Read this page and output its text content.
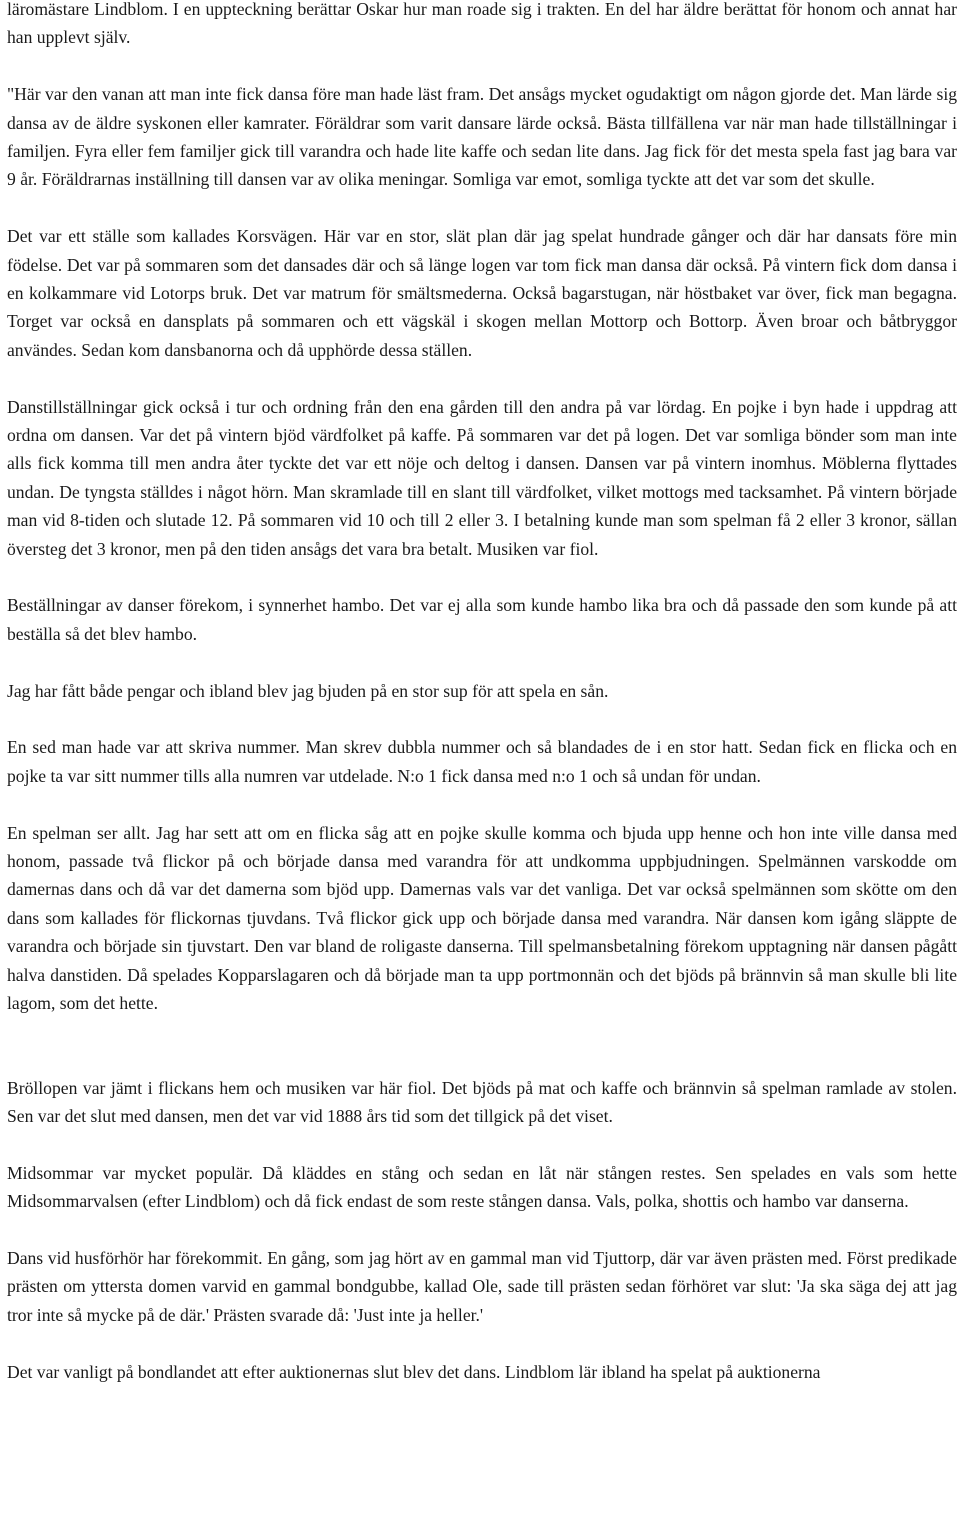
läromästare Lindblom. I en uppteckning berättar Oskar hur man roade sig i trakten. En del har äldre berättat för honom och annat har han upplevt själv.

"Här var den vanan att man inte fick dansa före man hade läst fram. Det ansågs mycket ogudaktigt om någon gjorde det. Man lärde sig dansa av de äldre syskonen eller kamrater. Föräldrar som varit dansare lärde också. Bästa tillfällena var när man hade tillställningar i familjen. Fyra eller fem familjer gick till varandra och hade lite kaffe och sedan lite dans. Jag fick för det mesta spela fast jag bara var 9 år. Föräldrarnas inställning till dansen var av olika meningar. Somliga var emot, somliga tyckte att det var som det skulle.

Det var ett ställe som kallades Korsvägen. Här var en stor, slät plan där jag spelat hundrade gånger och där har dansats före min födelse. Det var på sommaren som det dansades där och så länge logen var tom fick man dansa där också. På vintern fick dom dansa i en kolkammare vid Lotorps bruk. Det var matrum för smältsmederna. Också bagarstugan, när höstbaket var över, fick man begagna. Torget var också en dansplats på sommaren och ett vägskäl i skogen mellan Mottorp och Bottorp. Även broar och båtbryggor användes. Sedan kom dansbanorna och då upphörde dessa ställen.

Danstillställningar gick också i tur och ordning från den ena gården till den andra på var lördag. En pojke i byn hade i uppdrag att ordna om dansen. Var det på vintern bjöd värdfolket på kaffe. På sommaren var det på logen. Det var somliga bönder som man inte alls fick komma till men andra åter tyckte det var ett nöje och deltog i dansen. Dansen var på vintern inomhus. Möblerna flyttades undan. De tyngsta ställdes i något hörn. Man skramlade till en slant till värdfolket, vilket mottogs med tacksamhet. På vintern började man vid 8-tiden och slutade 12. På sommaren vid 10 och till 2 eller 3. I betalning kunde man som spelman få 2 eller 3 kronor, sällan översteg det 3 kronor, men på den tiden ansågs det vara bra betalt. Musiken var fiol.

Beställningar av danser förekom, i synnerhet hambo. Det var ej alla som kunde hambo lika bra och då passade den som kunde på att beställa så det blev hambo.

Jag har fått både pengar och ibland blev jag bjuden på en stor sup för att spela en sån.

En sed man hade var att skriva nummer. Man skrev dubbla nummer och så blandades de i en stor hatt. Sedan fick en flicka och en pojke ta var sitt nummer tills alla numren var utdelade. N:o 1 fick dansa med n:o 1 och så undan för undan.

En spelman ser allt. Jag har sett att om en flicka såg att en pojke skulle komma och bjuda upp henne och hon inte ville dansa med honom, passade två flickor på och började dansa med varandra för att undkomma uppbjudningen. Spelmännen varskodde om damernas dans och då var det damerna som bjöd upp. Damernas vals var det vanliga. Det var också spelmännen som skötte om den dans som kallades för flickornas tjuvdans. Två flickor gick upp och började dansa med varandra. När dansen kom igång släppte de varandra och började sin tjuvstart. Den var bland de roligaste danserna. Till spelmansbetalning förekom upptagning när dansen pågått halva danstiden. Då spelades Kopparslagaren och då började man ta upp portmonnän och det bjöds på brännvin så man skulle bli lite lagom, som det hette.

Bröllopen var jämt i flickans hem och musiken var här fiol. Det bjöds på mat och kaffe och brännvin så spelman ramlade av stolen. Sen var det slut med dansen, men det var vid 1888 års tid som det tillgick på det viset.

Midsommar var mycket populär. Då kläddes en stång och sedan en låt när stången restes. Sen spelades en vals som hette Midsommarvalsen (efter Lindblom) och då fick endast de som reste stången dansa. Vals, polka, shottis och hambo var danserna.

Dans vid husförhör har förekommit. En gång, som jag hört av en gammal man vid Tjuttorp, där var även prästen med. Först predikade prästen om yttersta domen varvid en gammal bondgubbe, kallad Ole, sade till prästen sedan förhöret var slut: 'Ja ska säga dej att jag tror inte så mycke på de där.' Prästen svarade då: 'Just inte ja heller.'

Det var vanligt på bondlandet att efter auktionernas slut blev det dans. Lindblom lär ibland ha spelat på auktionerna
